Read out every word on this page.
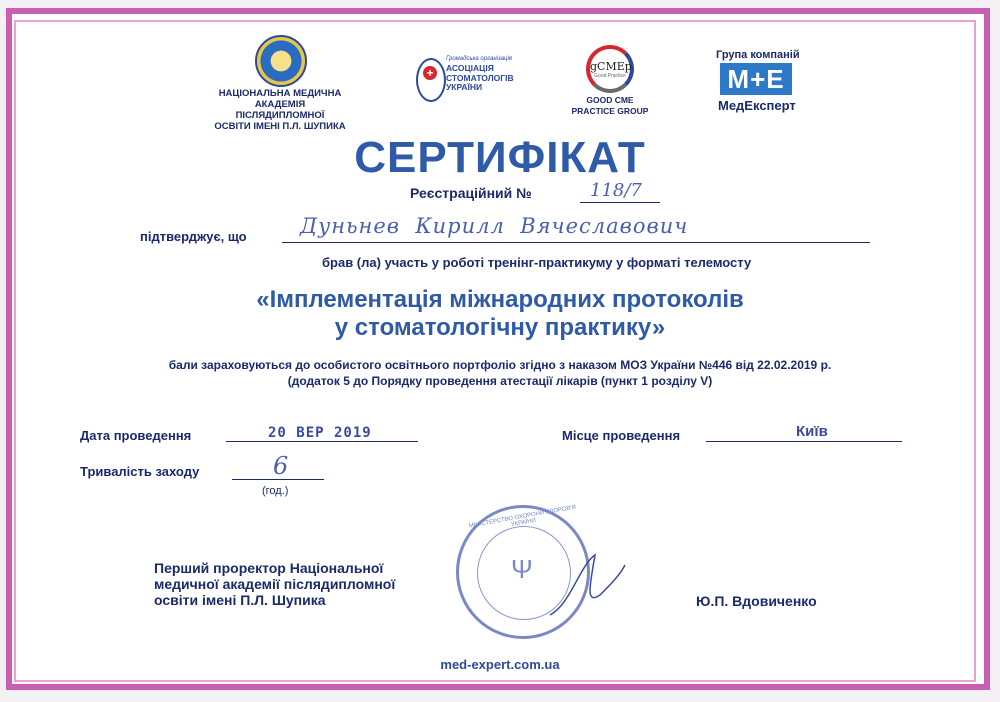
НАЦІОНАЛЬНА МЕДИЧНА
АКАДЕМІЯ ПІСЛЯДИПЛОМНОЇ
ОСВІТИ ІМЕНІ П.Л. ШУПИКА
+
Громадська організація
АСОЦІАЦІЯ
СТОМАТОЛОГІВ
УКРАЇНИ
gCMEp
Good Practice
GOOD CME
PRACTICE GROUP
Група компаній
M+E
МедЕксперт
СЕРТИФІКАТ
Реєстраційний №	118/7
підтверджує, що	Дуньнев  Кирилл  Вячеславович
брав (ла) участь у роботі тренінг-практикуму у форматі телемосту
«Імплементація міжнародних протоколів
у стоматологічну практику»
бали зараховуються до особистого освітнього портфоліо згідно з наказом МОЗ України №446 від 22.02.2019 р.
(додаток 5 до Порядку проведення атестації лікарів (пункт 1 розділу V)
Дата проведення	20 ВЕР 2019	Місце проведення	Київ
Тривалість заходу	6
(год.)
Перший проректор Національної
медичної академії післядипломної
освіти імені П.Л. Шупика
Ψ
МІНІСТЕРСТВО ОХОРОНИ ЗДОРОВ'Я УКРАЇНИ
Ю.П. Вдовиченко
med-expert.com.ua
